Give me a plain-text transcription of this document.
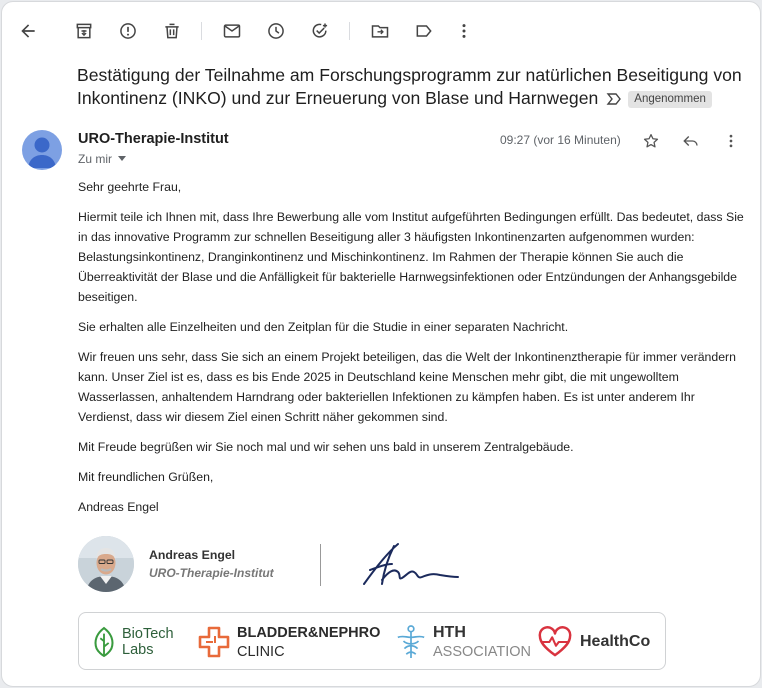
Bestätigung der Teilnahme am Forschungsprogramm zur natürlichen Beseitigung von Inkontinenz (INKO) und zur Erneuerung von Blase und Harnwegen	Angenommen
URO-Therapie-Institut
Zu mir
09:27 (vor 16 Minuten)

Sehr geehrte Frau,

Hiermit teile ich Ihnen mit, dass Ihre Bewerbung alle vom Institut aufgeführten Bedingungen erfüllt. Das bedeutet, dass Sie in das innovative Programm zur schnellen Beseitigung aller 3 häufigsten Inkontinenzarten aufgenommen wurden: Belastungsinkontinenz, Dranginkontinenz und Mischinkontinenz. Im Rahmen der Therapie können Sie auch die Überreaktivität der Blase und die Anfälligkeit für bakterielle Harnwegsinfektionen oder Entzündungen der Anhangsgebilde beseitigen.

Sie erhalten alle Einzelheiten und den Zeitplan für die Studie in einer separaten Nachricht.

Wir freuen uns sehr, dass Sie sich an einem Projekt beteiligen, das die Welt der Inkontinenztherapie für immer verändern kann. Unser Ziel ist es, dass es bis Ende 2025 in Deutschland keine Menschen mehr gibt, die mit ungewolltem Wasserlassen, anhaltendem Harndrang oder bakteriellen Infektionen zu kämpfen haben. Es ist unter anderem Ihr Verdienst, dass wir diesem Ziel einen Schritt näher gekommen sind.

Mit Freude begrüßen wir Sie noch mal und wir sehen uns bald in unserem Zentralgebäude.

Mit freundlichen Grüßen,

Andreas Engel

Andreas Engel
URO-Therapie-Institut
BioTech
Labs
BLADDER&NEPHRO
CLINIC
HTH
ASSOCIATION
HealthCo
